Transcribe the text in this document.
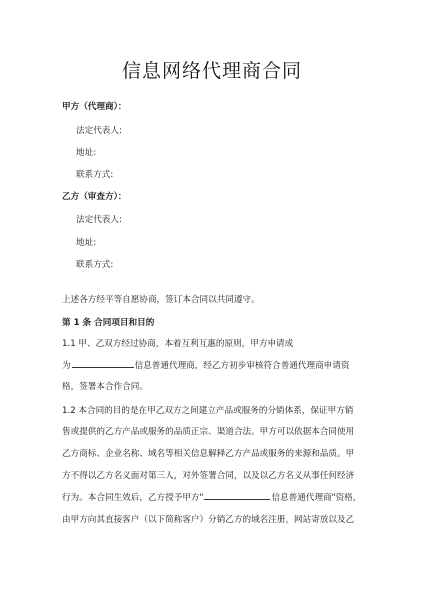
信息网络代理商合同
甲方（代理商）：
法定代表人:
地址:
联系方式:
乙方（审查方）：
法定代表人:
地址:
联系方式:
上述各方经平等自愿协商，签订本合同以共同遵守。
第 1 条 合同项目和目的
1.1 甲、乙双方经过协商，本着互利互惠的原则，甲方申请成
为	信息普通代理商，经乙方初步审核符合普通代理商申请资
格，签署本合作合同。
1.2 本合同的目的是在甲乙双方之间建立产品或服务的分销体系，保证甲方销
售或提供的乙方产品或服务的品质正宗、渠道合法。甲方可以依据本合同使用
乙方商标、企业名称、域名等相关信息解释乙方产品或服务的来源和品质。甲
方不得以乙方名义面对第三人，对外签署合同，以及以乙方名义从事任何经济
行为。本合同生效后，乙方授予甲方"	信息普通代理商"资格，
由甲方向其直接客户（以下简称客户）分销乙方的域名注册，网站寄放以及乙
